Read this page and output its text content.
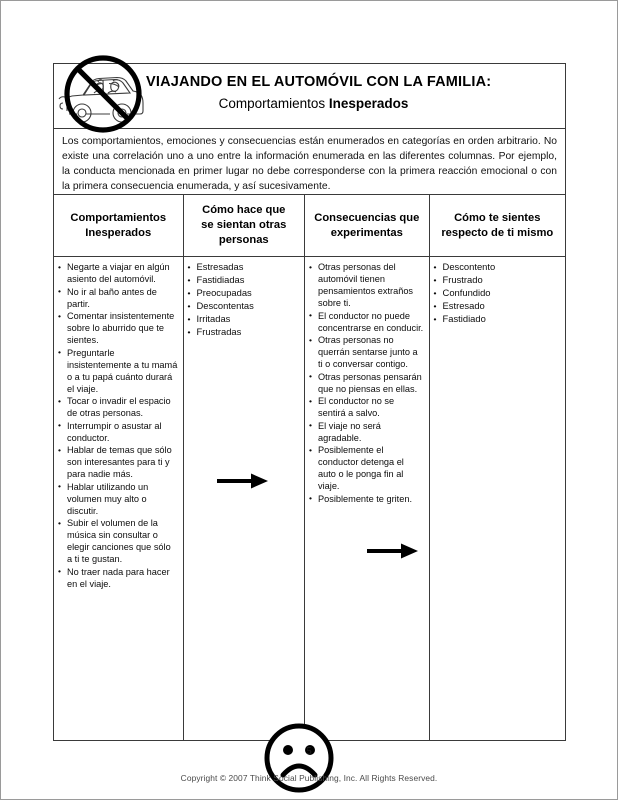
VIAJANDO EN EL AUTOMÓVIL CON LA FAMILIA:
Comportamientos Inesperados
Los comportamientos, emociones y consecuencias están enumerados en categorías en orden arbitrario. No existe una correlación uno a uno entre la información enumerada en las diferentes columnas. Por ejemplo, la conducta mencionada en primer lugar no debe corresponderse con la primera reacción emocional o con la primera consecuencia enumerada, y así sucesivamente.
Comportamientos
Inesperados
Cómo hace que
se sientan otras
personas
Consecuencias que
experimentas
Cómo te sientes
respecto de ti mismo
• Negarte a viajar en algún asiento del automóvil.
• No ir al baño antes de partir.
• Comentar insistentemente sobre lo aburrido que te sientes.
• Preguntarle insistentemente a tu mamá o a tu papá cuánto durará el viaje.
• Tocar o invadir el espacio de otras personas.
• Interrumpir o asustar al conductor.
• Hablar de temas que sólo son interesantes para ti y para nadie más.
• Hablar utilizando un volumen muy alto o discutir.
• Subir el volumen de la música sin consultar o elegir canciones que sólo a ti te gustan.
• No traer nada para hacer en el viaje.
• Estresadas
• Fastidiadas
• Preocupadas
• Descontentas
• Irritadas
• Frustradas
• Otras personas del automóvil tienen pensamientos extraños sobre ti.
• El conductor no puede concentrarse en conducir.
• Otras personas no querrán sentarse junto a ti o conversar contigo.
• Otras personas pensarán que no piensas en ellas.
• El conductor no se sentirá a salvo.
• El viaje no será agradable.
• Posiblemente el conductor detenga el auto o le ponga fin al viaje.
• Posiblemente te griten.
• Descontento
• Frustrado
• Confundido
• Estresado
• Fastidiado
5
Copyright © 2007 Think Social Publishing, Inc. All Rights Reserved.
